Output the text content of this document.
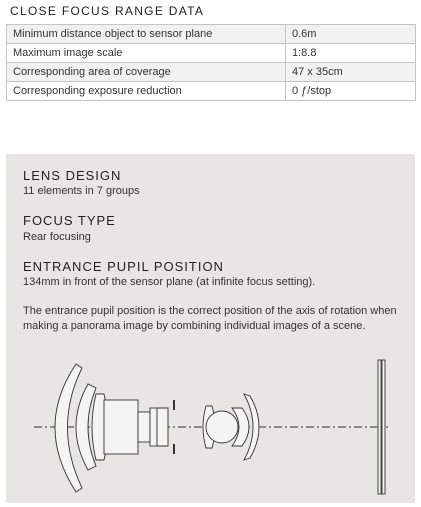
CLOSE FOCUS RANGE DATA
Minimum distance object to sensor plane	0.6m
Maximum image scale	1:8.8
Corresponding area of coverage	47 x 35cm
Corresponding exposure reduction	0 ƒ/stop
LENS DESIGN
11 elements in 7 groups
FOCUS TYPE
Rear focusing
ENTRANCE PUPIL POSITION
134mm in front of the sensor plane (at infinite focus setting).
The entrance pupil position is the correct position of the axis of rotation when making a panorama image by combining individual images of a scene.
